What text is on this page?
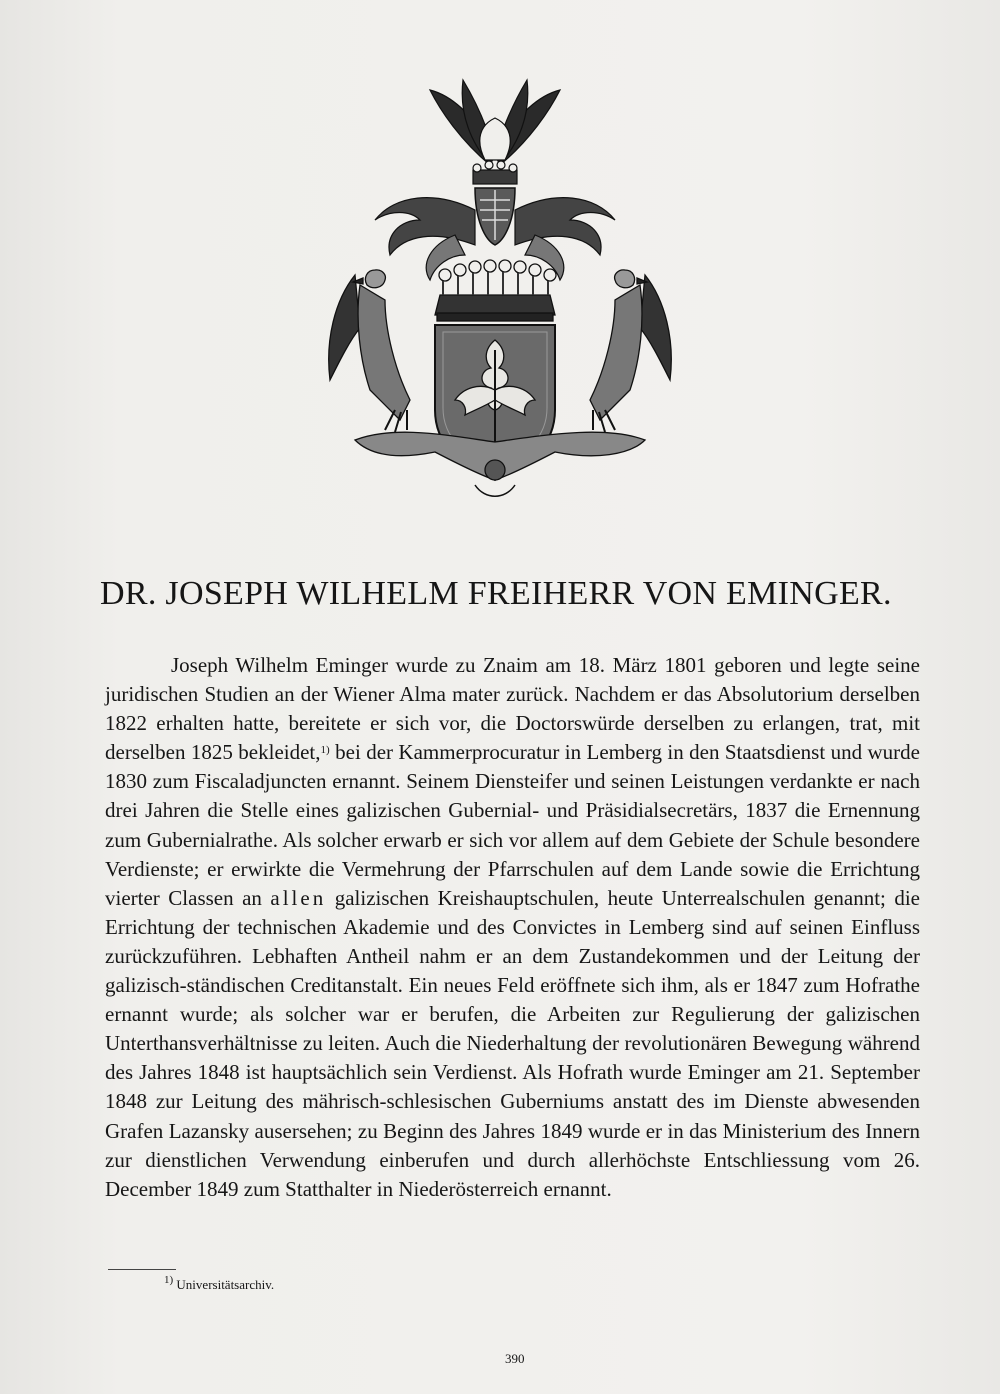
DR. JOSEPH WILHELM FREIHERR VON EMINGER.

Joseph Wilhelm Eminger wurde zu Znaim am 18. März 1801 geboren und legte seine juridischen Studien an der Wiener Alma mater zurück. Nachdem er das Absolutorium derselben 1822 erhalten hatte, bereitete er sich vor, die Doctorswürde derselben zu erlangen, trat, mit derselben 1825 bekleidet,$^{1)}$ bei der Kammerprocuratur in Lemberg in den Staatsdienst und wurde 1830 zum Fiscaladjuncten ernannt. Seinem Diensteifer und seinen Leistungen verdankte er nach drei Jahren die Stelle eines galizischen Gubernial- und Präsidialsecretärs, 1837 die Ernennung zum Gubernialrathe. Als solcher erwarb er sich vor allem auf dem Gebiete der Schule besondere Verdienste; er erwirkte die Vermehrung der Pfarrschulen auf dem Lande sowie die Errichtung vierter Classen an allen galizischen Kreishauptschulen, heute Unterrealschulen genannt; die Errichtung der technischen Akademie und des Convictes in Lemberg sind auf seinen Einfluss zurückzuführen. Lebhaften Antheil nahm er an dem Zustandekommen und der Leitung der galizisch-ständischen Creditanstalt. Ein neues Feld eröffnete sich ihm, als er 1847 zum Hofrathe ernannt wurde; als solcher war er berufen, die Arbeiten zur Regulierung der galizischen Unterthansverhältnisse zu leiten. Auch die Niederhaltung der revolutionären Bewegung während des Jahres 1848 ist hauptsächlich sein Verdienst. Als Hofrath wurde Eminger am 21. September 1848 zur Leitung des mährisch-schlesischen Guberniums anstatt des im Dienste abwesenden Grafen Lazansky ausersehen; zu Beginn des Jahres 1849 wurde er in das Ministerium des Innern zur dienstlichen Verwendung einberufen und durch allerhöchste Entschliessung vom 26. December 1849 zum Statthalter in Niederösterreich ernannt.

$^{1)}$ Universitätsarchiv.
390
